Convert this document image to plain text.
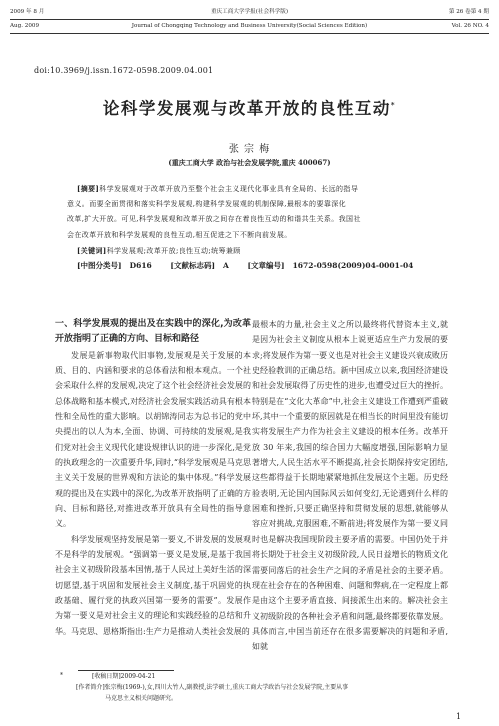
2009 年 8 月	重庆工商大学学报(社会科学版)	第 26 卷第 4 期
Aug. 2009	Journal of Chongqing Technology and Business University(Social Sciences Edition)	Vol. 26 NO. 4
doi:10.3969/j.issn.1672-0598.2009.04.001
论科学发展观与改革开放的良性互动*
张 宗 梅
(重庆工商大学 政治与社会发展学院,重庆 400067)
[摘要]科学发展观对于改革开放乃至整个社会主义现代化事业具有全局的、长远的指导
意义。而要全面贯彻和落实科学发展观,构建科学发展观的机制保障,最根本的要靠深化
改革,扩大开放。可见,科学发展观和改革开放之间存在着良性互动的和谐共生关系。我国社
会在改革开放和科学发展观的良性互动,相互促进之下不断向前发展。
[关键词]科学发展观;改革开放;良性互动;统筹兼顾
[中图分类号] D616 [文献标志码] A [文章编号] 1672-0598(2009)04-0001-04
一、科学发展观的提出及在实践中的深化,为改革开放指明了正确的方向、目标和路径

发展是新事物取代旧事物,发展观是关于发展的本质、目的、内涵和要求的总体看法和根本观点。一个社会采取什么样的发展观,决定了这个社会经济社会发展的总体战略和基本模式,对经济社会发展实践活动具有根本性和全局性的重大影响。以胡锦涛同志为总书记的党中央提出的以人为本,全面、协调、可持续的发展观,是我们党对社会主义现代化建设规律认识的进一步深化,是党的执政理念的一次重要升华,同时,“科学发展观是马克思主义关于发展的世界观和方法论的集中体现。”科学发展观的提出及在实践中的深化,为改革开放指明了正确的方向、目标和路径,对推进改革开放具有全局性的指导意义。

科学发展观坚持发展是第一要义,不讲发展的发展观不是科学的发展观。“强调第一要义是发展,是基于我国社会主义初级阶段基本国情,基于人民过上美好生活的深切愿望,基于巩固和发展社会主义制度,基于巩固党的执政基础、履行党的执政兴国第一要务的需要”。发展作为第一要义是对社会主义的理论和实践经验的总结和升华。马克思、恩格斯指出:生产力是推动人类社会发展的

最根本的力量,社会主义之所以最终将代替资本主义,就是因为社会主义制度从根本上说更适应生产力发展的要求;将发展作为第一要义也是对社会主义建设兴衰成败历史经验教训的正确总结。新中国成立以来,我国经济建设和社会发展取得了历史性的进步,也遭受过巨大的挫折。特别是在“文化大革命”中,社会主义建设工作遭到严重破坏,其中一个重要的原因就是在相当长的时间里没有能切实将发展生产力作为社会主义建设的根本任务。改革开放 30 年来,我国的综合国力大幅度增强,国际影响力显著增大,人民生活水平不断提高,社会长期保持安定团结,这些都得益于长期地紧紧地抓住发展这个主题。历史经验表明,无论国内国际风云如何变幻,无论遇到什么样的困难和挫折,只要正确坚持和贯彻发展的思想,就能够从容应对挑战,克服困难,不断前进;将发展作为第一要义同时也是解决我国现阶段主要矛盾的需要。中国仍处于并将长期处于社会主义初级阶段,人民日益增长的物质文化需要同落后的社会生产之间的矛盾是社会的主要矛盾。现在社会存在的各种困难、问题和弊病,在一定程度上都是由这个主要矛盾直接、间接派生出来的。解决社会主义初级阶段的各种社会矛盾和问题,最终都要依靠发展。具体而言,中国当前还存在很多需要解决的问题和矛盾,如就

*	[收稿日期]2009-04-21
[作者简介]张宗梅(1969-),女,四川大竹人,副教授,法学硕士,重庆工商大学政治与社会发展学院,主要从事
马克思主义相关问题研究。
1
